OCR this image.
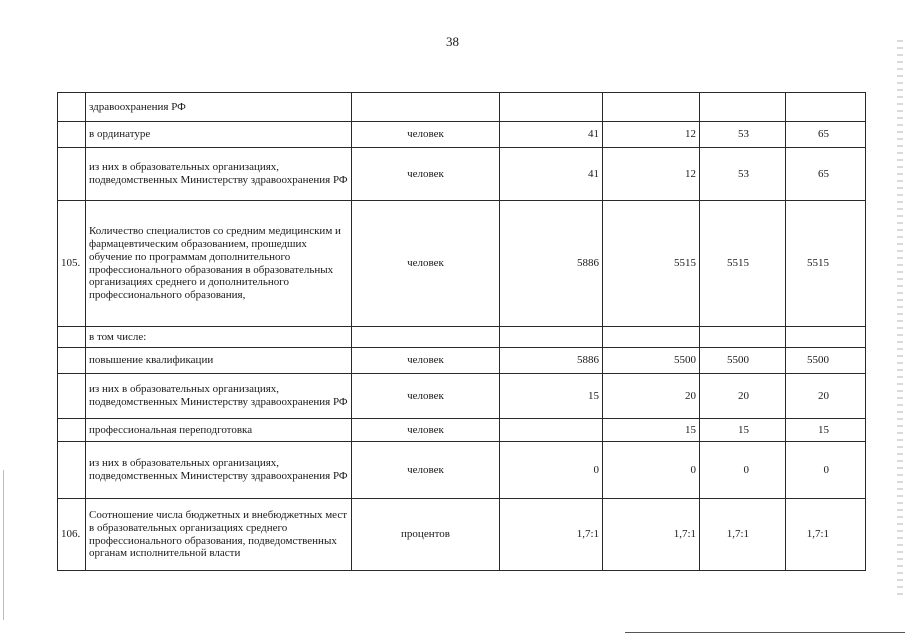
38
	здравоохранения РФ					
	в ординатуре	человек	41	12	53	65
	из них в образовательных организациях, подведомственных Министерству здравоохранения РФ	человек	41	12	53	65
105.	Количество специалистов со средним медицинским и фармацевтическим образованием, прошедших обучение по программам дополнительного профессионального образования в образовательных организациях среднего и дополнительного профессионального образования,	человек	5886	5515	5515	5515
	в том числе:					
	повышение квалификации	человек	5886	5500	5500	5500
	из них в образовательных организациях, подведомственных Министерству здравоохранения РФ	человек	15	20	20	20
	профессиональная переподготовка	человек		15	15	15
	из них в образовательных организациях, подведомственных Министерству здравоохранения РФ	человек	0	0	0	0
106.	Соотношение числа бюджетных и внебюджетных мест в образовательных организациях среднего профессионального образования, подведомственных органам исполнительной власти	процентов	1,7:1	1,7:1	1,7:1	1,7:1
